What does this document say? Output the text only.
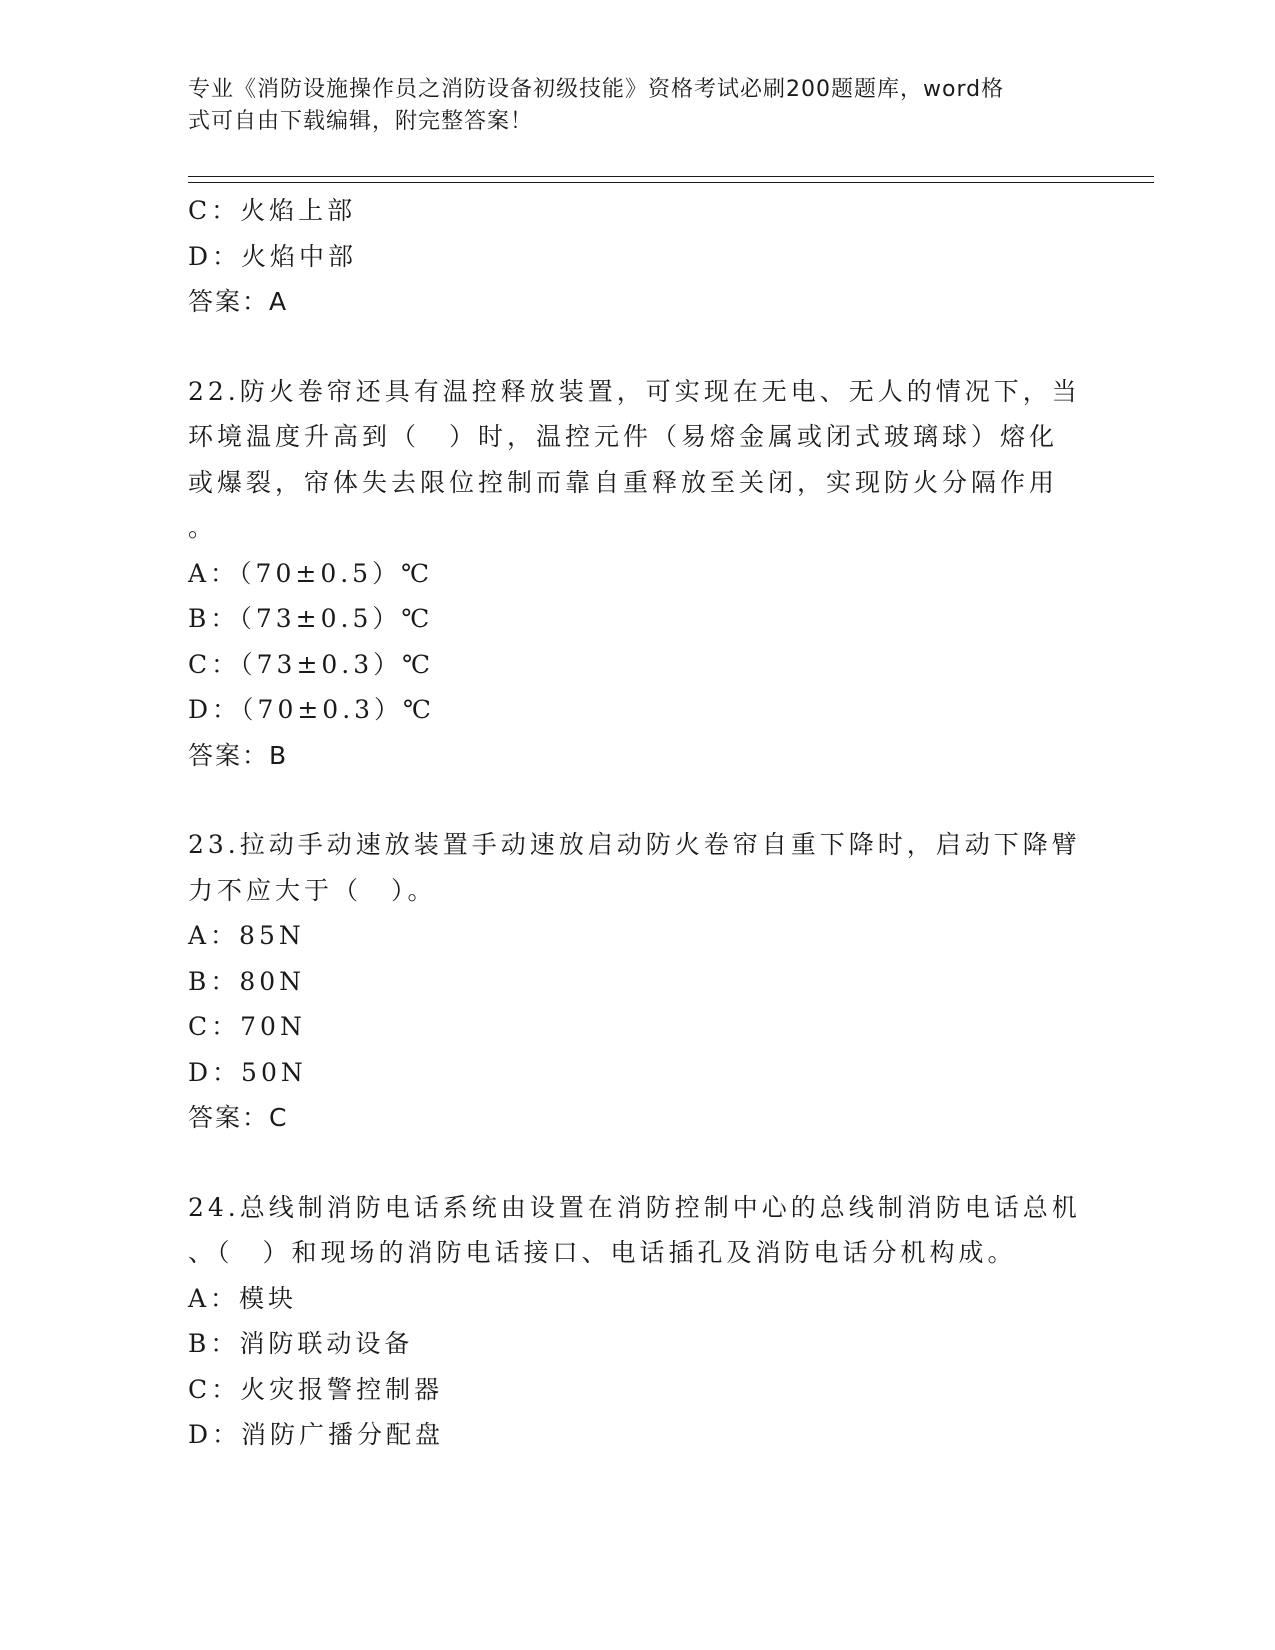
专业《消防设施操作员之消防设备初级技能》资格考试必刷200题题库，word格
式可自由下载编辑，附完整答案！
C：火焰上部
D：火焰中部
答案：A
22.防火卷帘还具有温控释放装置，可实现在无电、无人的情况下，当
环境温度升高到（　）时，温控元件（易熔金属或闭式玻璃球）熔化
或爆裂，帘体失去限位控制而靠自重释放至关闭，实现防火分隔作用
。
A：（70±0.5）℃
B：（73±0.5）℃
C：（73±0.3）℃
D：（70±0.3）℃
答案：B
23.拉动手动速放装置手动速放启动防火卷帘自重下降时，启动下降臂
力不应大于（　）。
A：85N
B：80N
C：70N
D：50N
答案：C
24.总线制消防电话系统由设置在消防控制中心的总线制消防电话总机
、（　）和现场的消防电话接口、电话插孔及消防电话分机构成。
A：模块
B：消防联动设备
C：火灾报警控制器
D：消防广播分配盘
